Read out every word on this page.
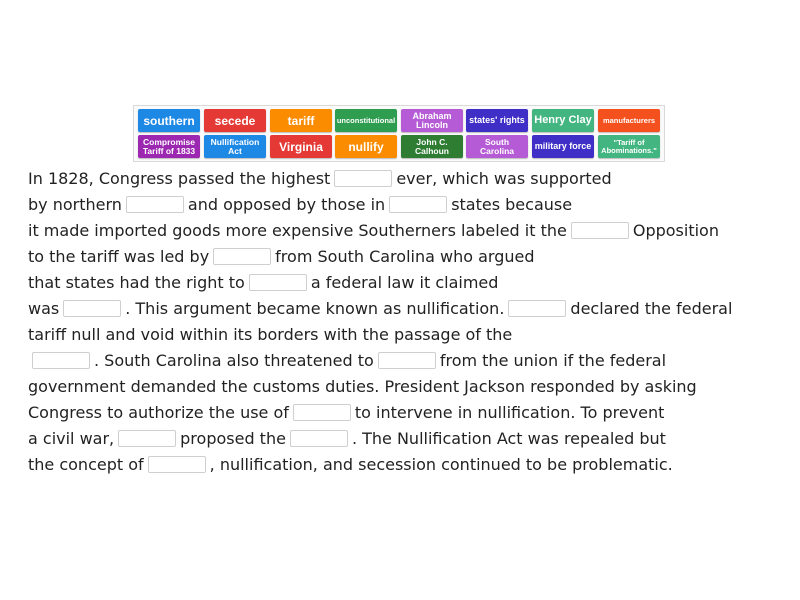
southern	secede	tariff	unconstitutional	Abraham Lincoln	states' rights Henry Clay	manufacturers
Compromise Tariff of 1833
Nullification Act	Virginia	nullify	John C. Calhoun
South Carolina	military force	"Tariff of Abominations."
In 1828, Congress passed the highest	ever, which was supported
by northern	and opposed by those in	states because
it made imported goods more expensive Southerners labeled it the	Opposition
to the tariff was led by	from South Carolina who argued
that states had the right to	a federal law it claimed
was	. This argument became known as nullification.	declared the federal
tariff null and void within its borders with the passage of the
. South Carolina also threatened to	from the union if the federal
government demanded the customs duties. President Jackson responded by asking
Congress to authorize the use of	to intervene in nullification. To prevent
a civil war,	proposed the	. The Nullification Act was repealed but
the concept of	, nullification, and secession continued to be problematic.
